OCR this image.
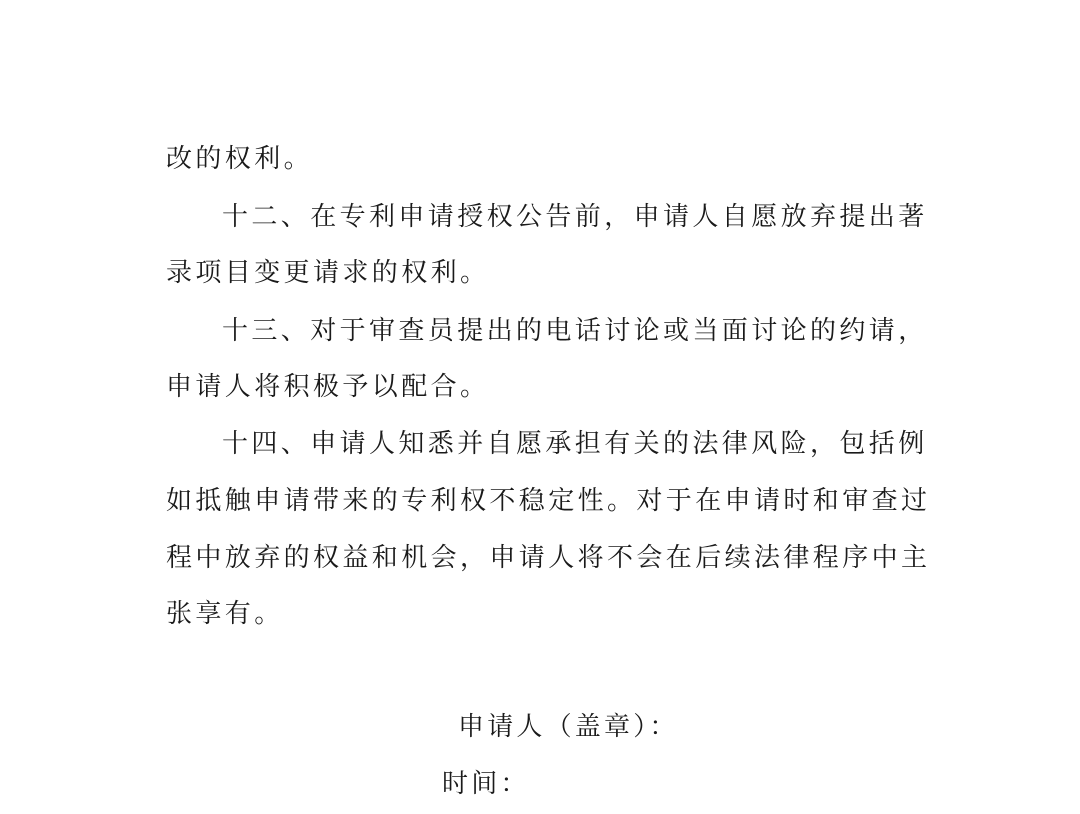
改的权利。
十二、在专利申请授权公告前，申请人自愿放弃提出著
录项目变更请求的权利。
十三、对于审查员提出的电话讨论或当面讨论的约请，
申请人将积极予以配合。
十四、申请人知悉并自愿承担有关的法律风险，包括例
如抵触申请带来的专利权不稳定性。对于在申请时和审查过
程中放弃的权益和机会，申请人将不会在后续法律程序中主
张享有。
申请人（盖章）：
时间：
